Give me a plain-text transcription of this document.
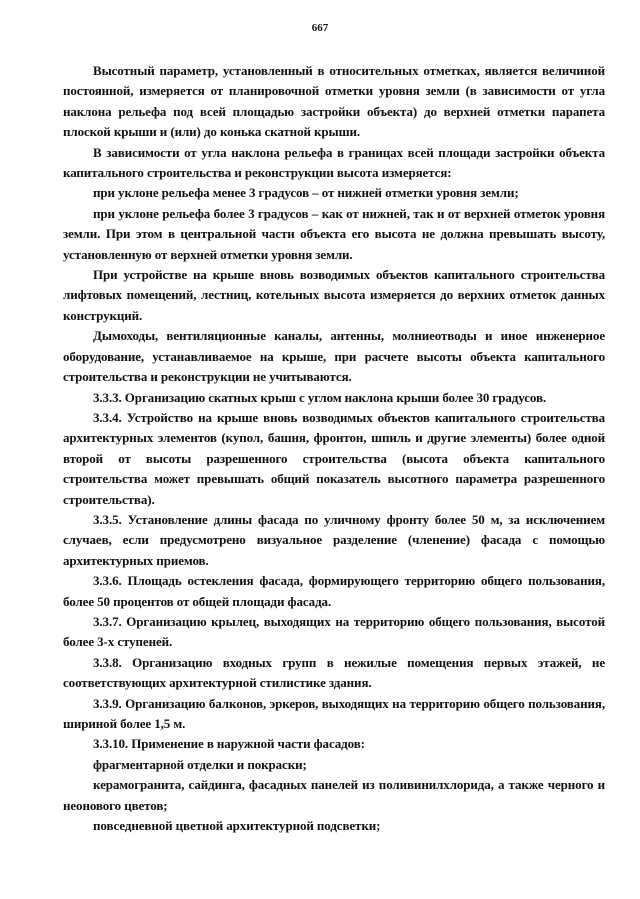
667

Высотный параметр, установленный в относительных отметках, является величиной постоянной, измеряется от планировочной отметки уровня земли (в зависимости от угла наклона рельефа под всей площадью застройки объекта) до верхней отметки парапета плоской крыши и (или) до конька скатной крыши.

В зависимости от угла наклона рельефа в границах всей площади застройки объекта капитального строительства и реконструкции высота измеряется:

при уклоне рельефа менее 3 градусов – от нижней отметки уровня земли;

при уклоне рельефа более 3 градусов – как от нижней, так и от верхней отметок уровня земли. При этом в центральной части объекта его высота не должна превышать высоту, установленную от верхней отметки уровня земли.

При устройстве на крыше вновь возводимых объектов капитального строительства лифтовых помещений, лестниц, котельных высота измеряется до верхних отметок данных конструкций.

Дымоходы, вентиляционные каналы, антенны, молниеотводы и иное инженерное оборудование, устанавливаемое на крыше, при расчете высоты объекта капитального строительства и реконструкции не учитываются.

3.3.3. Организацию скатных крыш с углом наклона крыши более 30 градусов.

3.3.4. Устройство на крыше вновь возводимых объектов капитального строительства архитектурных элементов (купол, башня, фронтон, шпиль и другие элементы) более одной второй от высоты разрешенного строительства (высота объекта капитального строительства может превышать общий показатель высотного параметра разрешенного строительства).

3.3.5. Установление длины фасада по уличному фронту более 50 м, за исключением случаев, если предусмотрено визуальное разделение (членение) фасада с помощью архитектурных приемов.

3.3.6. Площадь остекления фасада, формирующего территорию общего пользования, более 50 процентов от общей площади фасада.

3.3.7. Организацию крылец, выходящих на территорию общего пользования, высотой более 3-х ступеней.

3.3.8. Организацию входных групп в нежилые помещения первых этажей, не соответствующих архитектурной стилистике здания.

3.3.9. Организацию балконов, эркеров, выходящих на территорию общего пользования, шириной более 1,5 м.

3.3.10. Применение в наружной части фасадов:

фрагментарной отделки и покраски;

керамогранита, сайдинга, фасадных панелей из поливинилхлорида, а также черного и неонового цветов;

повседневной цветной архитектурной подсветки;
